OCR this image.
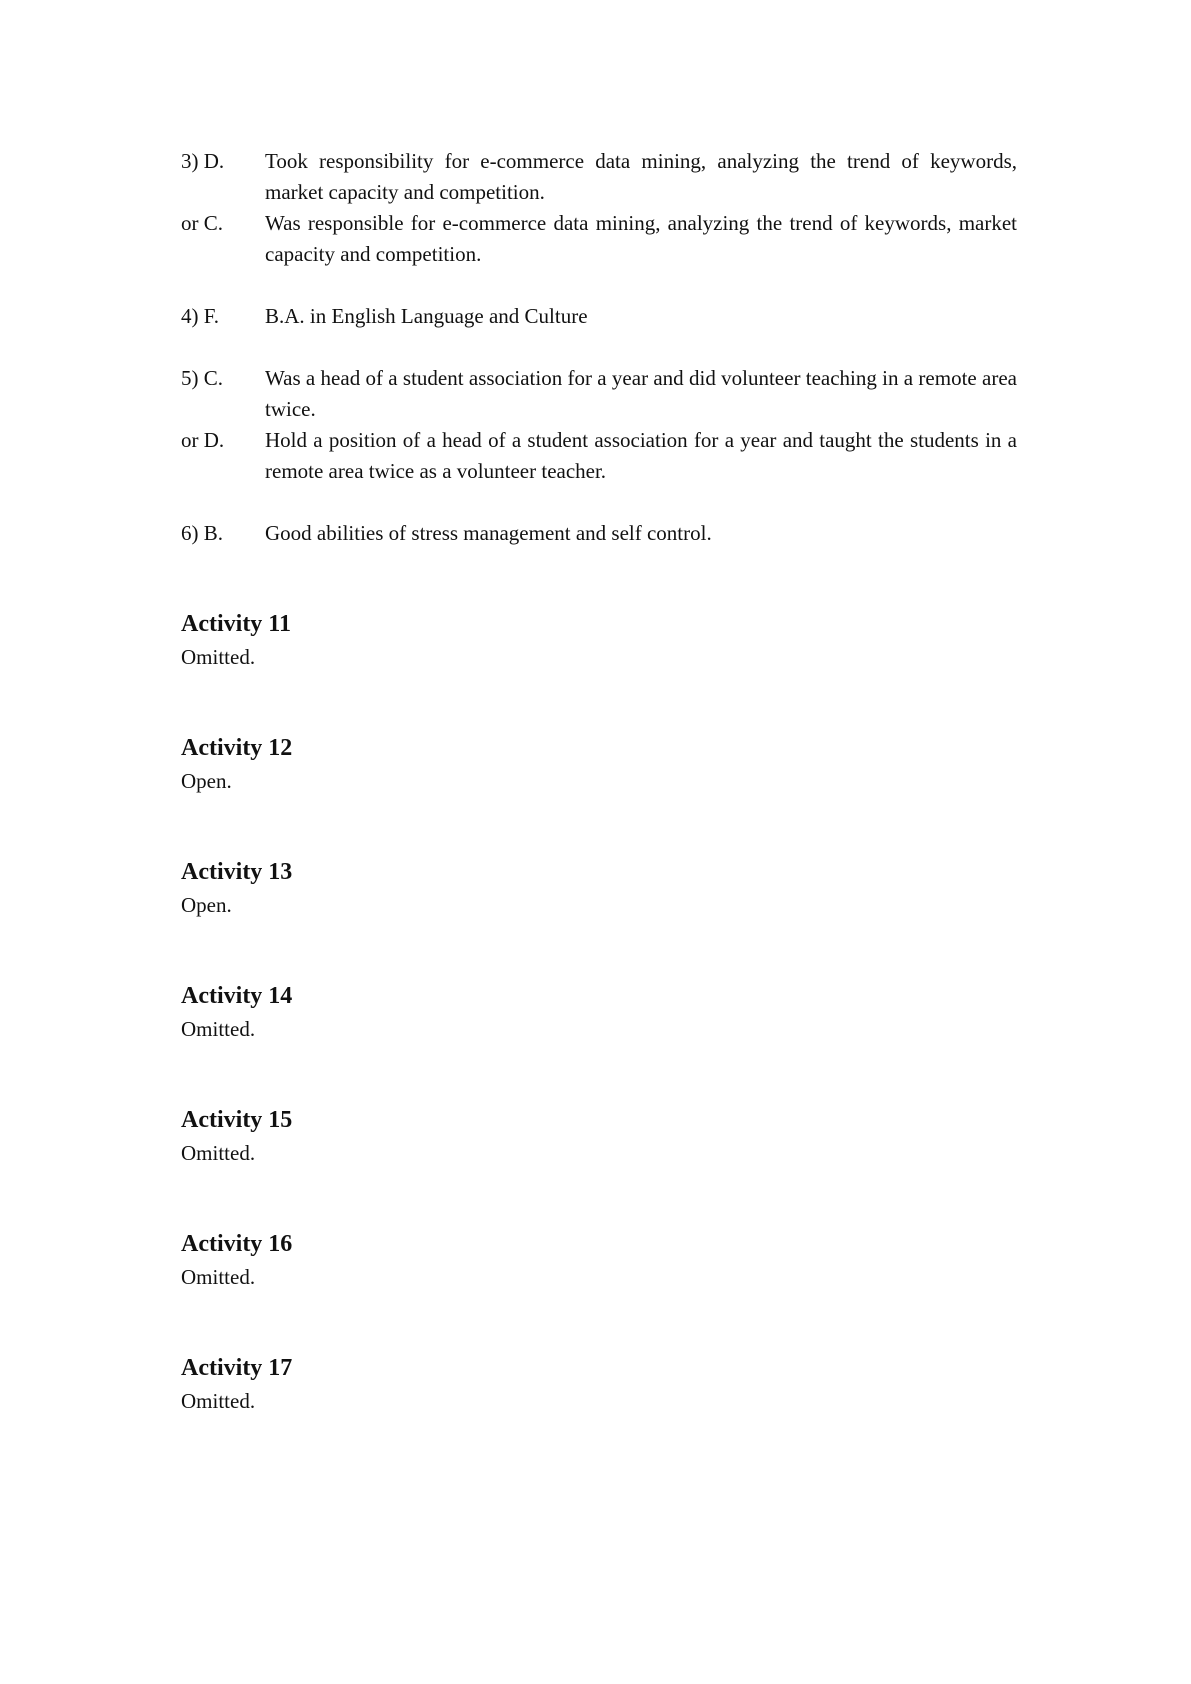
3) D.	Took responsibility for e-commerce data mining, analyzing the trend of keywords, market capacity and competition.
or C.	Was responsible for e-commerce data mining, analyzing the trend of keywords, market capacity and competition.
4) F.	B.A. in English Language and Culture
5) C.	Was a head of a student association for a year and did volunteer teaching in a remote area twice.
or D.	Hold a position of a head of a student association for a year and taught the students in a remote area twice as a volunteer teacher.
6) B.	Good abilities of stress management and self control.
Activity 11

Omitted.

Activity 12

Open.

Activity 13

Open.

Activity 14

Omitted.

Activity 15

Omitted.

Activity 16

Omitted.

Activity 17

Omitted.
